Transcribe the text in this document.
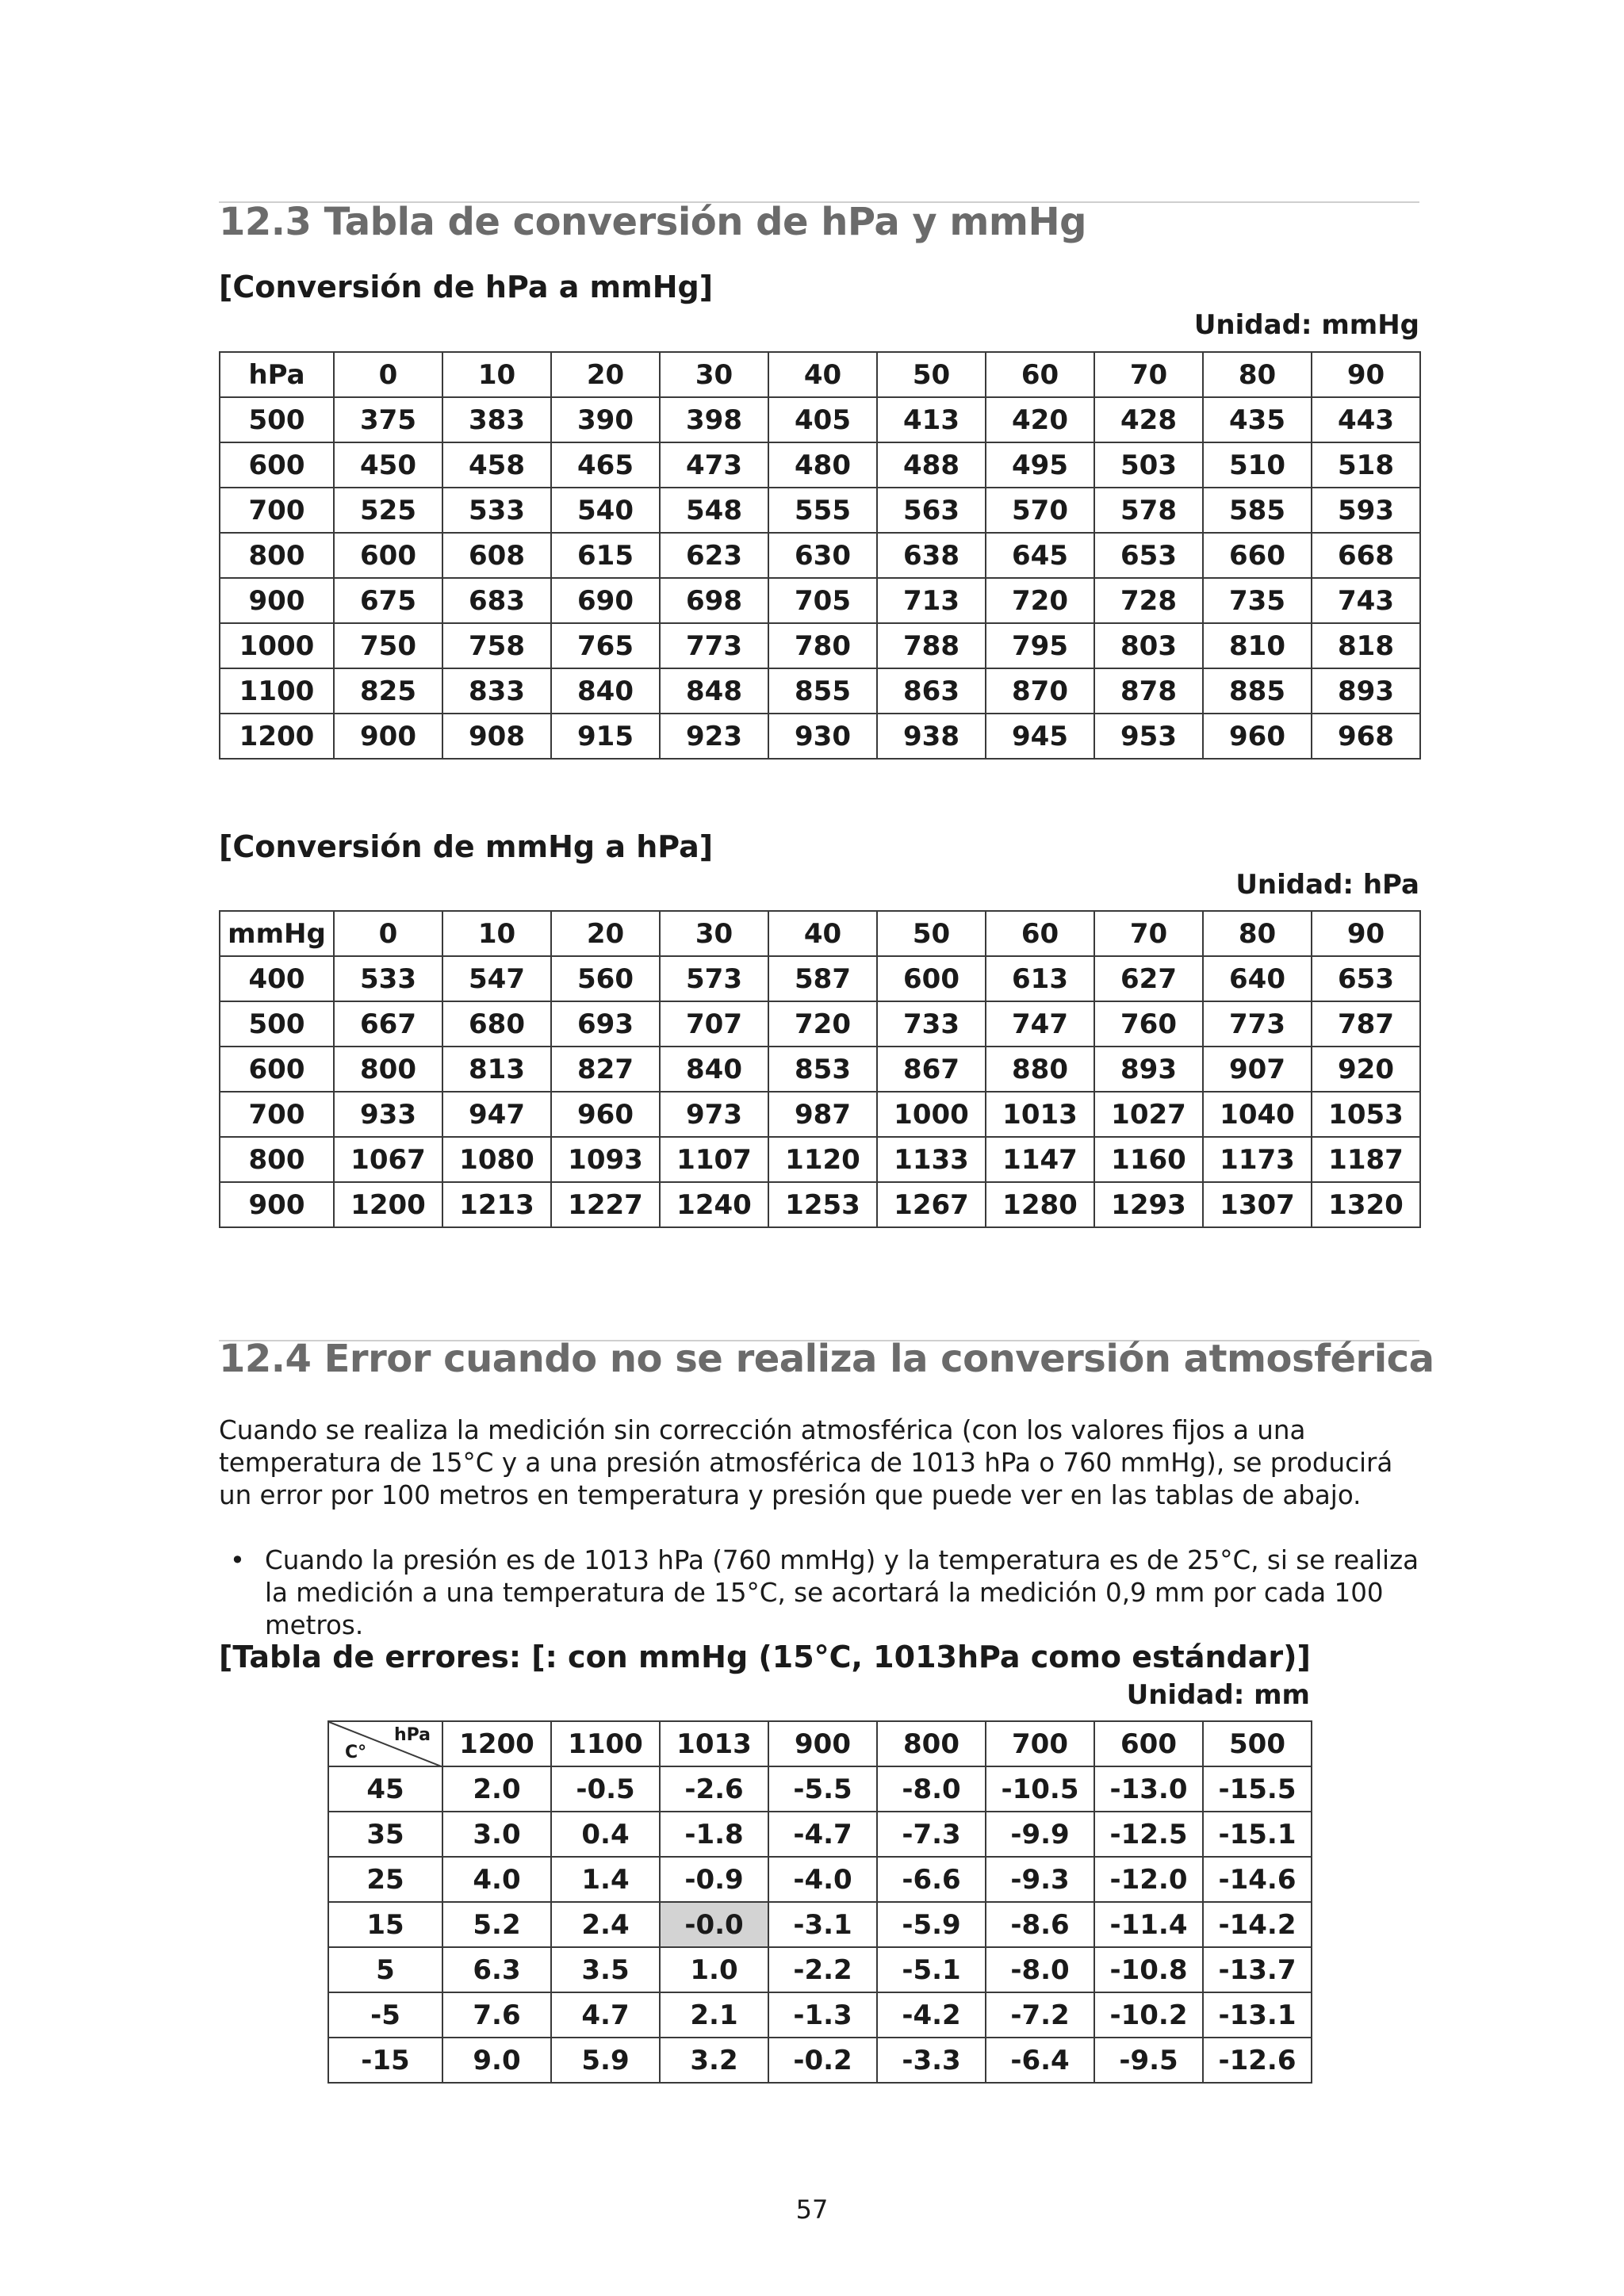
12.3 Tabla de conversión de hPa y mmHg
[Conversión de hPa a mmHg]
Unidad: mmHg
hPa	0	10	20	30	40	50	60	70	80	90
500	375	383	390	398	405	413	420	428	435	443
600	450	458	465	473	480	488	495	503	510	518
700	525	533	540	548	555	563	570	578	585	593
800	600	608	615	623	630	638	645	653	660	668
900	675	683	690	698	705	713	720	728	735	743
1000	750	758	765	773	780	788	795	803	810	818
1100	825	833	840	848	855	863	870	878	885	893
1200	900	908	915	923	930	938	945	953	960	968
[Conversión de mmHg a hPa]
Unidad: hPa
mmHg	0	10	20	30	40	50	60	70	80	90
400	533	547	560	573	587	600	613	627	640	653
500	667	680	693	707	720	733	747	760	773	787
600	800	813	827	840	853	867	880	893	907	920
700	933	947	960	973	987	1000	1013	1027	1040	1053
800	1067	1080	1093	1107	1120	1133	1147	1160	1173	1187
900	1200	1213	1227	1240	1253	1267	1280	1293	1307	1320
12.4 Error cuando no se realiza la conversión atmosférica

Cuando se realiza la medición sin corrección atmosférica (con los valores fijos a una temperatura de 15°C y a una presión atmosférica de 1013 hPa o 760 mmHg), se producirá un error por 100 metros en temperatura y presión que puede ver en las tablas de abajo.

• Cuando la presión es de 1013 hPa (760 mmHg) y la temperatura es de 25°C, si se realiza la medición a una temperatura de 15°C, se acortará la medición 0,9 mm por cada 100 metros.

[Tabla de errores: [: con mmHg (15°C, 1013hPa como estándar)]
Unidad: mm
hPa
C°	1200	1100	1013	900	800	700	600	500
45	2.0	-0.5	-2.6	-5.5	-8.0	-10.5	-13.0	-15.5
35	3.0	0.4	-1.8	-4.7	-7.3	-9.9	-12.5	-15.1
25	4.0	1.4	-0.9	-4.0	-6.6	-9.3	-12.0	-14.6
15	5.2	2.4	-0.0	-3.1	-5.9	-8.6	-11.4	-14.2
5	6.3	3.5	1.0	-2.2	-5.1	-8.0	-10.8	-13.7
-5	7.6	4.7	2.1	-1.3	-4.2	-7.2	-10.2	-13.1
-15	9.0	5.9	3.2	-0.2	-3.3	-6.4	-9.5	-12.6
57
